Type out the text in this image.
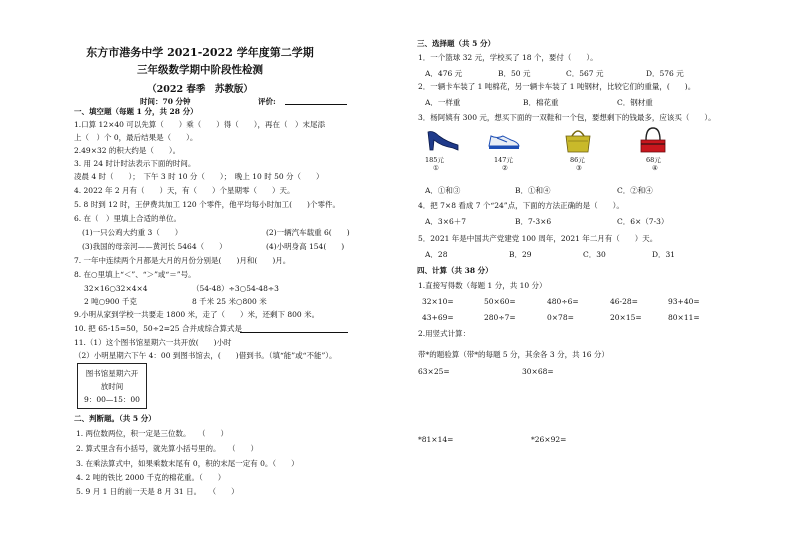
东方市港务中学 2021-2022 学年度第二学期
三年级数学期中阶段性检测
（2022 春季　苏教版）
时间：70 分钟	评价:
一、填空题（每题 1 分，共 28 分）
1.口算 12×40 可以先算（　　）乘（　　）得（　　），再在（　）末尾添
上（　）个 0，最后结果是（　　）。
2.49×32 的积大约是（　　）。
3. 用 24 时计时法表示下面的时间。
凌晨 4 时（　　）；　下午 3 时 10 分（　　）；　晚上 10 时 50 分（　　）
4. 2022 年 2 月有（　　）天，有（　　）个星期零（　　）天。
5. 8 时到 12 时，王伊费共加工 120 个零件，他平均每小时加工(　　)个零件。
6. 在（　）里填上合适的单位。
(1)一只公鸡大约重 3（　　）	(2)一辆汽车载重 6(　　)
(3)我国的母亲河——黄河长 5464（　　）	(4)小明身高 154(　　)
7. 一年中连续两个月都是大月的月份分别是(　　)月和(　　)月。
8. 在○里填上“＜”、“＞”或“＝”号。
32×16○32×4×4	（54-48）÷3○54-48÷3
2 吨○900 千克	8 千米 25 米○800 米
9.小明从家到学校一共要走 1800 米，走了（　　）米，还剩下 800 米。
10. 把 65-15=50，50÷2=25 合并成综合算式是
11.（1）这个图书馆星期六一共开放(　　)小时
（2）小明星期六下午 4：00 到图书馆去，(　　)借到书。（填“能”或“不能”）。
图书馆星期六开
放时间
9：00—15：00
二、判断题。（共 5 分）
1. 两位数两位，积一定是三位数。　　（　　）
2. 算式里含有小括号，就先算小括号里的。　　（　　）
3. 在乘法算式中，如果乘数末尾有 0，积的末尾一定有 0。（　　）
4. 2 吨的铁比 2000 千克的棉花重。（　　）
5. 9 月 1 日的前一天是 8 月 31 日。　　（　　）
三、选择题（共 5 分）
1．一个篮球 32 元，学校买了 18 个，要付（　　）。
A．476 元	B．50 元	C．567 元	D．576 元
2．一辆卡车装了 1 吨棉花，另一辆卡车装了 1 吨钢材，比较它们的重量，(　　)。
A．一样重	B．棉花重	C．钢材重
3．杨阿姨有 300 元，想买下面的一双鞋和一个包，要想剩下的钱最多，应该买（　　）。
185元	147元	86元	68元
①	②	③	④
A．①和③	B．①和④	C．②和④
4．把 7×8 看成 7 个“24”点，下面的方法正确的是（　　）。
A．3×6＋7	B．7-3×6	C．6×（7-3）
5．2021 年是中国共产党建党 100 周年，2021 年二月有（　　）天。
A．28	B．29	C．30	D．31
四、计算（共 38 分）
1.直接写得数（每题 1 分，共 10 分）
32×10=	50×60=	480÷6=	46-28=	93+40=
43+69=	280÷7=	0×78=	20×15=	80×11=
2.用竖式计算：
带*的题验算（带*的每题 5 分，其余各 3 分，共 16 分）
63×25=	30×68=
*81×14=	*26×92=
